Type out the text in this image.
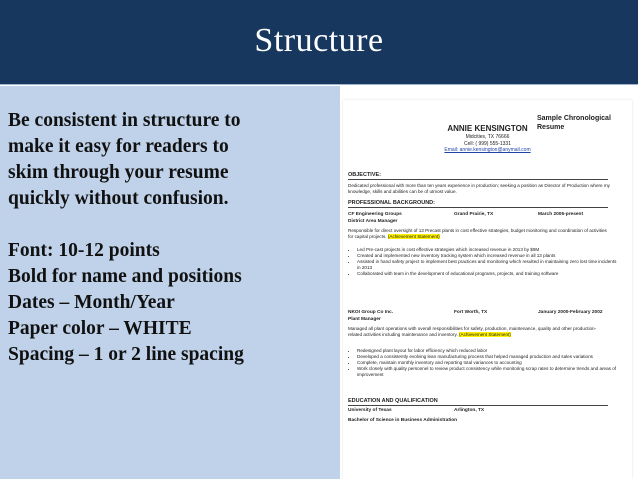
Structure
Be consistent in structure to
make it easy for readers to
skim through your resume
quickly without confusion.
Font: 10-12 points
Bold for name and positions
Dates – Month/Year
Paper color – WHITE
Spacing – 1 or 2 line spacing
Sample Chronological Resume
ANNIE KENSINGTON
Midcities, TX 76666
Cell: ( 999) 555-1331
Email: annie.kensington@anymail.com
OBJECTIVE:
Dedicated professional with more than ten years experience in production; seeking a position as Director of Production where my knowledge, skills and abilities can be of utmost value.
PROFESSIONAL BACKGROUND:
CF Engineering Groups	Grand Prairie, TX	March 2005-present
District Area Manager
Responsible for direct oversight of 13 Precast plants in cost effective strategies, budget monitoring and coordination of activities for capital projects. (Achievement Statement)
• Led Pre-cast projects in cost effective strategies which increased revenue in 2013 by $9M
• Created and implemented new inventory tracking system which increased revenue in all 13 plants
• Assisted in hand safety project to implement best practices and monitoring which resulted in maintaining zero lost time incidents in 2013
• Collaborated with team in the development of educational programs, projects, and training software
NKOI Group Co Inc.	Fort Worth, TX	January 2000-February 2002
Plant Manager
Managed all plant operations with overall responsibilities for safety, production, maintenance, quality and other production-related activities including maintenance and inventory. (Achievement Statement)
• Redesigned plant layout for labor efficiency which reduced labor
• Developed a consistently evolving lean manufacturing process that helped managed production and sales variations
• Complete, maintain monthly inventory and reporting total variances to accounting
• Work closely with quality personnel to review product consistency while monitoring scrap rates to determine trends and areas of improvement
EDUCATION AND QUALIFICATION
University of Texas	Arlington, TX
Bachelor of Science in Business Administration
